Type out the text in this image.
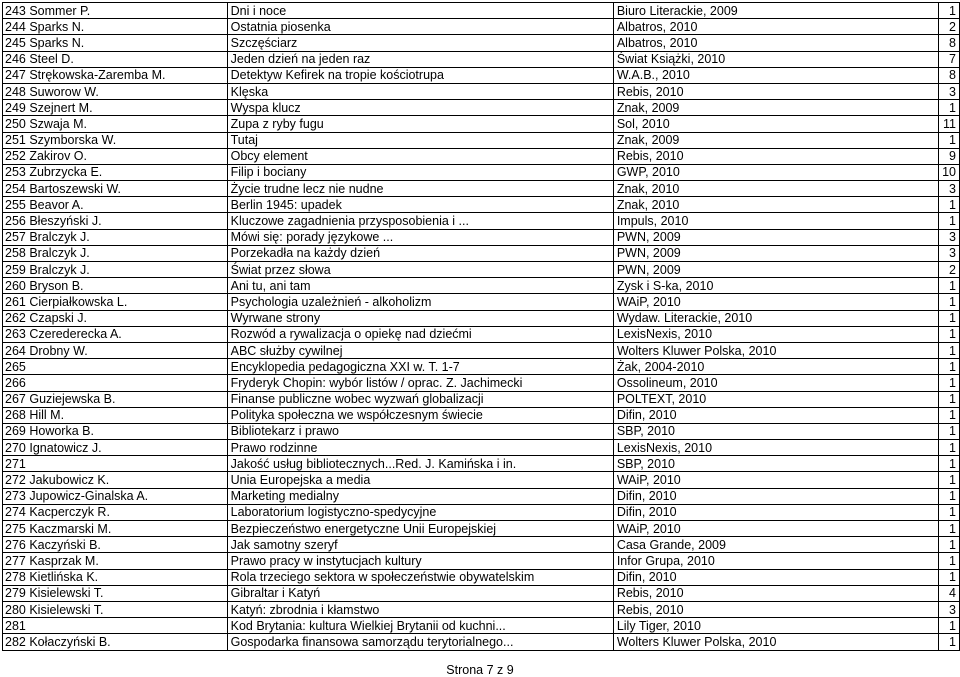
243 Sommer P.	Dni i noce	Biuro Literackie, 2009	1
244 Sparks N.	Ostatnia piosenka	Albatros, 2010	2
245 Sparks N.	Szczęściarz	Albatros, 2010	8
246 Steel D.	Jeden dzień na jeden raz	Świat Książki, 2010	7
247 Strękowska-Zaremba M.	Detektyw Kefirek na tropie kościotrupa	W.A.B., 2010	8
248 Suworow W.	Klęska	Rebis, 2010	3
249 Szejnert M.	Wyspa klucz	Znak, 2009	1
250 Szwaja M.	Zupa z ryby fugu	Sol, 2010	11
251 Szymborska W.	Tutaj	Znak, 2009	1
252 Zakirov O.	Obcy element	Rebis, 2010	9
253 Zubrzycka E.	Filip i bociany	GWP, 2010	10
254 Bartoszewski W.	Życie trudne lecz nie nudne	Znak, 2010	3
255 Beavor A.	Berlin 1945: upadek	Znak, 2010	1
256 Błeszyński J.	Kluczowe zagadnienia przysposobienia i ...	Impuls, 2010	1
257 Bralczyk J.	Mówi się: porady językowe ...	PWN, 2009	3
258 Bralczyk J.	Porzekadła na każdy dzień	PWN, 2009	3
259 Bralczyk J.	Świat przez słowa	PWN, 2009	2
260 Bryson B.	Ani tu, ani tam	Zysk i S-ka, 2010	1
261 Cierpiałkowska L.	Psychologia uzależnień - alkoholizm	WAiP, 2010	1
262 Czapski J.	Wyrwane strony	Wydaw. Literackie, 2010	1
263 Czerederecka A.	Rozwód a rywalizacja o opiekę nad dziećmi	LexisNexis, 2010	1
264 Drobny W.	ABC służby cywilnej	Wolters Kluwer Polska, 2010	1
265	Encyklopedia pedagogiczna XXI w. T. 1-7	Żak, 2004-2010	1
266	Fryderyk Chopin: wybór listów / oprac. Z. Jachimecki	Ossolineum, 2010	1
267 Guziejewska B.	Finanse publiczne wobec wyzwań globalizacji	POLTEXT, 2010	1
268 Hill M.	Polityka społeczna we współczesnym świecie	Difin, 2010	1
269 Howorka B.	Bibliotekarz i prawo	SBP, 2010	1
270 Ignatowicz J.	Prawo rodzinne	LexisNexis, 2010	1
271	Jakość usług bibliotecznych...Red. J. Kamińska i in.	SBP, 2010	1
272 Jakubowicz K.	Unia Europejska a media	WAiP, 2010	1
273 Jupowicz-Ginalska A.	Marketing medialny	Difin, 2010	1
274 Kacperczyk R.	Laboratorium logistyczno-spedycyjne	Difin, 2010	1
275 Kaczmarski M.	Bezpieczeństwo energetyczne Unii Europejskiej	WAiP, 2010	1
276 Kaczyński B.	Jak samotny szeryf	Casa Grande, 2009	1
277 Kasprzak M.	Prawo pracy w instytucjach kultury	Infor Grupa, 2010	1
278 Kietlińska K.	Rola trzeciego sektora w społeczeństwie obywatelskim	Difin, 2010	1
279 Kisielewski T.	Gibraltar i Katyń	Rebis, 2010	4
280 Kisielewski T.	Katyń: zbrodnia i kłamstwo	Rebis, 2010	3
281	Kod Brytania: kultura Wielkiej Brytanii od kuchni...	Lily Tiger, 2010	1
282 Kołaczyński B.	Gospodarka finansowa samorządu terytorialnego...	Wolters Kluwer Polska, 2010	1
Strona 7 z 9
